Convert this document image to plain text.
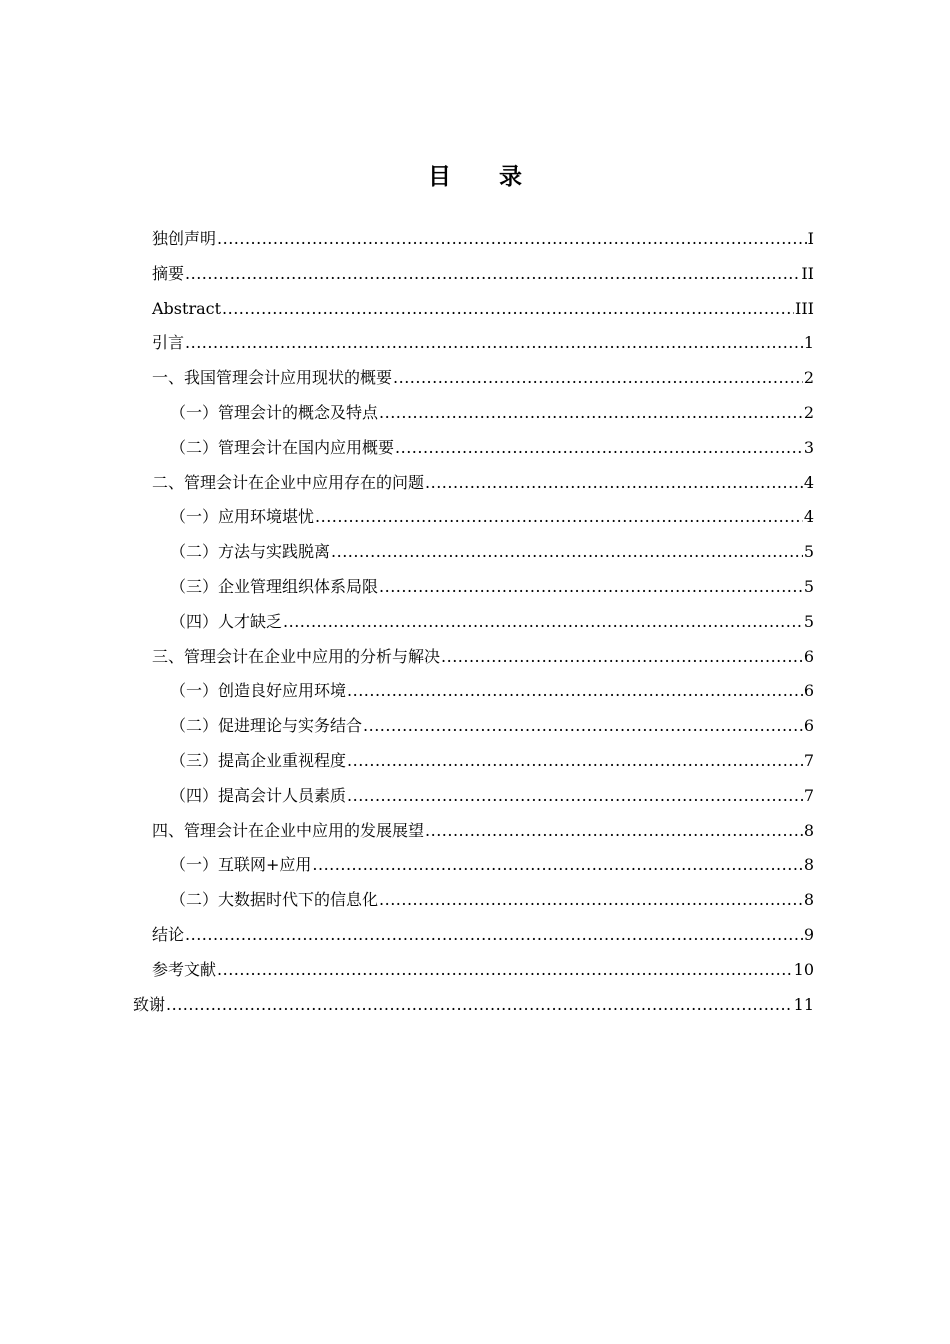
目 录
独创声明 .....	I
摘要 .....	II
Abstract .....	III
引言 .....	1
一、我国管理会计应用现状的概要 .....	2
（一）管理会计的概念及特点 .....	2
（二）管理会计在国内应用概要 .....	3
二、管理会计在企业中应用存在的问题 .....	4
（一）应用环境堪忧 .....	4
（二）方法与实践脱离 .....	5
（三）企业管理组织体系局限 .....	5
（四）人才缺乏 .....	5
三、管理会计在企业中应用的分析与解决 .....	6
（一）创造良好应用环境 .....	6
（二）促进理论与实务结合 .....	6
（三）提高企业重视程度 .....	7
（四）提高会计人员素质 .....	7
四、管理会计在企业中应用的发展展望 .....	8
（一）互联网+应用 .....	8
（二）大数据时代下的信息化 .....	8
结论 .....	9
参考文献 .....	10
致谢 .....	11
